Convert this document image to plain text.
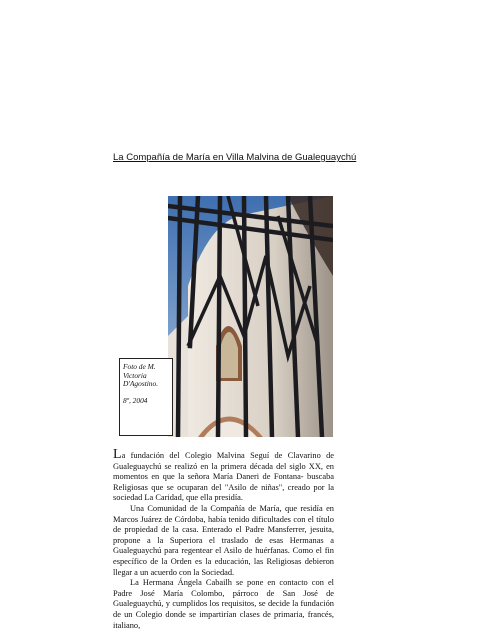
La Compañía de María en Villa Malvina de Gualeguaychú
Foto de M.
Victoria
D'Agostino.
8º, 2004

La fundación del Colegio Malvina Seguí de Clavarino de Gualeguaychú se realizó en la primera década del siglo XX, en momentos en que la señora María Daneri de Fontana- buscaba Religiosas que se ocuparan del "Asilo de niñas", creado por la sociedad La Caridad, que ella presidía.

Una Comunidad de la Compañía de María, que residía en Marcos Juárez de Córdoba, había tenido dificultades con el título de propiedad de la casa. Enterado el Padre Mansferrer, jesuita, propone a la Superiora el traslado de esas Hermanas a Gualeguaychú para regentear el Asilo de huérfanas. Como el fin específico de la Orden es la educación, las Religiosas debieron llegar a un acuerdo con la Sociedad.

La Hermana Ángela Cabailh se pone en contacto con el Padre José María Colombo, párroco de San José de Gualeguaychú, y cumplidos los requisitos, se decide la fundación de un Colegio donde se impartirían clases de primaria, francés, italiano,
